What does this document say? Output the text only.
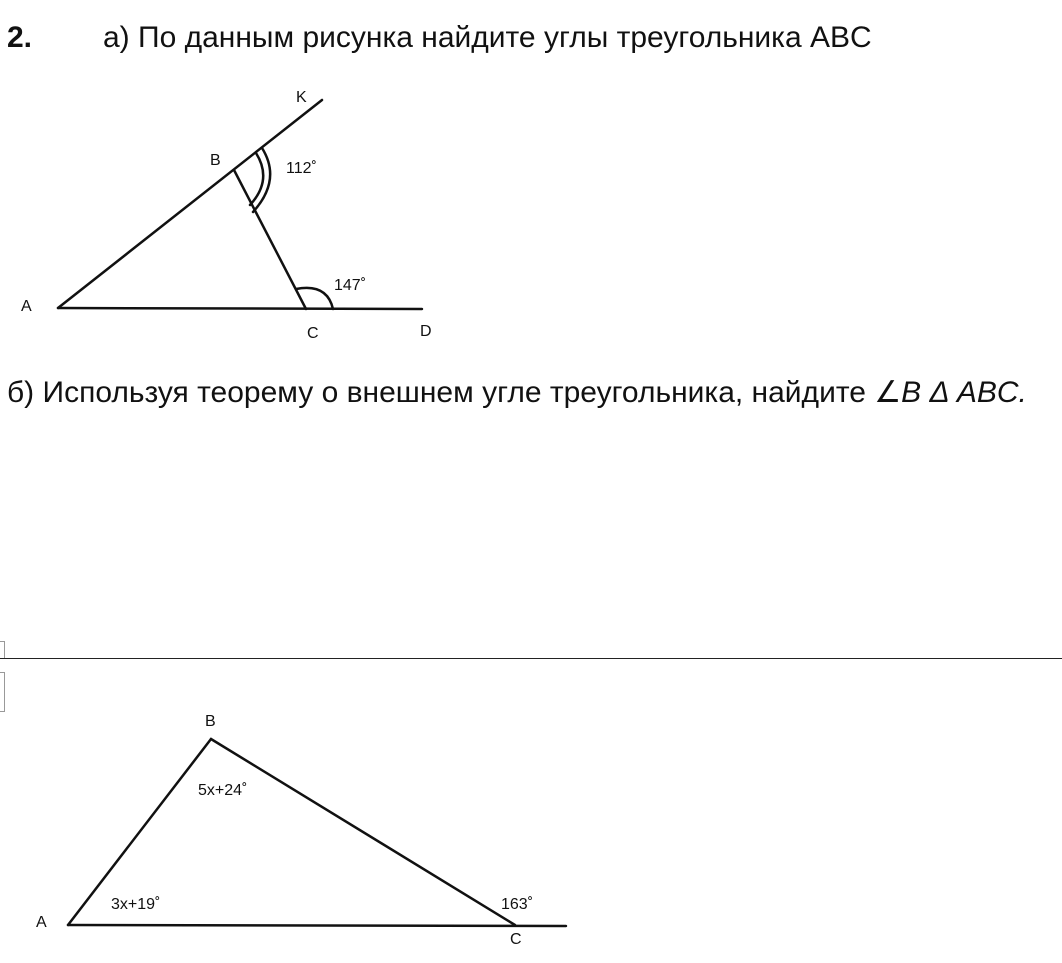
2. а) По данным рисунка найдите углы треугольника ABC
б) Используя теорему о внешнем угле треугольника, найдите ∠B Δ ABC.
K
B
A
C	D
112˚
147˚
B
A
C
5x+24˚
3x+19˚	163˚
